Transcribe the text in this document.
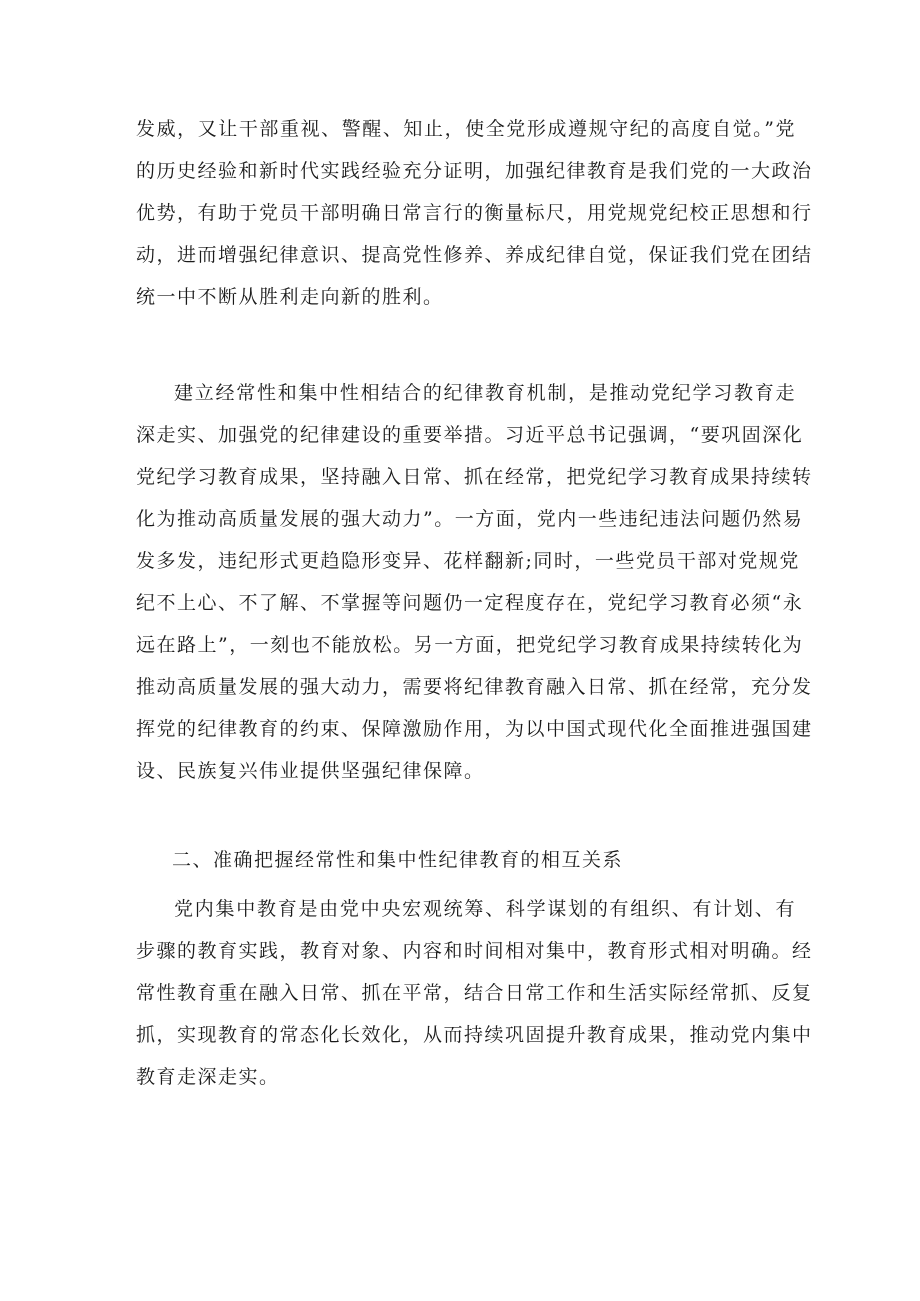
发威，又让干部重视、警醒、知止，使全党形成遵规守纪的高度自觉。”党
的历史经验和新时代实践经验充分证明，加强纪律教育是我们党的一大政治
优势，有助于党员干部明确日常言行的衡量标尺，用党规党纪校正思想和行
动，进而增强纪律意识、提高党性修养、养成纪律自觉，保证我们党在团结
统一中不断从胜利走向新的胜利。
建立经常性和集中性相结合的纪律教育机制，是推动党纪学习教育走
深走实、加强党的纪律建设的重要举措。习近平总书记强调，“要巩固深化
党纪学习教育成果，坚持融入日常、抓在经常，把党纪学习教育成果持续转
化为推动高质量发展的强大动力”。一方面，党内一些违纪违法问题仍然易
发多发，违纪形式更趋隐形变异、花样翻新;同时，一些党员干部对党规党
纪不上心、不了解、不掌握等问题仍一定程度存在，党纪学习教育必须“永
远在路上”，一刻也不能放松。另一方面，把党纪学习教育成果持续转化为
推动高质量发展的强大动力，需要将纪律教育融入日常、抓在经常，充分发
挥党的纪律教育的约束、保障激励作用，为以中国式现代化全面推进强国建
设、民族复兴伟业提供坚强纪律保障。
二、准确把握经常性和集中性纪律教育的相互关系
党内集中教育是由党中央宏观统筹、科学谋划的有组织、有计划、有
步骤的教育实践，教育对象、内容和时间相对集中，教育形式相对明确。经
常性教育重在融入日常、抓在平常，结合日常工作和生活实际经常抓、反复
抓，实现教育的常态化长效化，从而持续巩固提升教育成果，推动党内集中
教育走深走实。
